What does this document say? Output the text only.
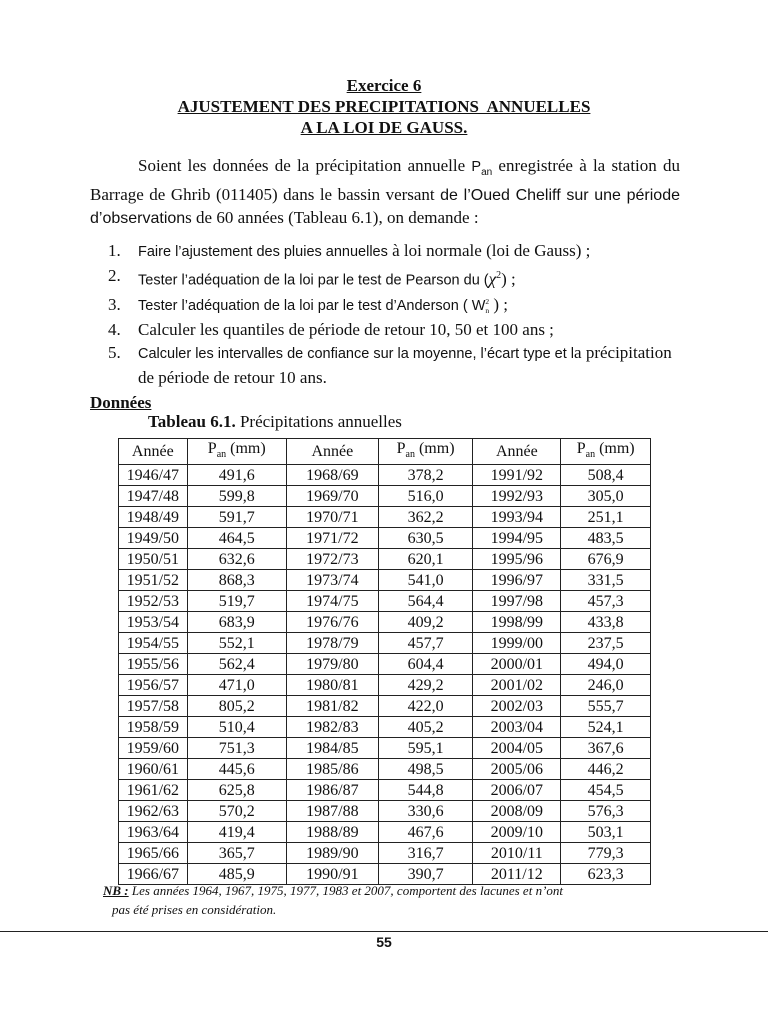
Exercice 6
AJUSTEMENT DES PRECIPITATIONS  ANNUELLES
A LA LOI DE GAUSS.

Soient les données de la précipitation annuelle $P_{an}$ enregistrée à la station du Barrage de Ghrib (011405) dans le bassin versant de l’Oued Cheliff sur une période d’observations de 60 années (Tableau 6.1), on demande :

1.	Faire l’ajustement des pluies annuelles à loi normale (loi de Gauss) ;
2.	Tester l’adéquation de la loi par le test de Pearson du $(\chi^2)$ ;
3.	Tester l’adéquation de la loi par le test d’Anderson ( W 2
n ) ;
4.	Calculer les quantiles de période de retour 10, 50 et 100 ans ;
5.	Calculer les intervalles de confiance sur la moyenne, l’écart type et la précipitation de période de retour 10 ans.
Données
Tableau 6.1. Précipitations annuelles
Année	$P_{an}$ (mm)	Année	$P_{an}$ (mm)	Année	$P_{an}$ (mm)
1946/47	491,6	1968/69	378,2	1991/92	508,4
1947/48	599,8	1969/70	516,0	1992/93	305,0
1948/49	591,7	1970/71	362,2	1993/94	251,1
1949/50	464,5	1971/72	630,5	1994/95	483,5
1950/51	632,6	1972/73	620,1	1995/96	676,9
1951/52	868,3	1973/74	541,0	1996/97	331,5
1952/53	519,7	1974/75	564,4	1997/98	457,3
1953/54	683,9	1976/76	409,2	1998/99	433,8
1954/55	552,1	1978/79	457,7	1999/00	237,5
1955/56	562,4	1979/80	604,4	2000/01	494,0
1956/57	471,0	1980/81	429,2	2001/02	246,0
1957/58	805,2	1981/82	422,0	2002/03	555,7
1958/59	510,4	1982/83	405,2	2003/04	524,1
1959/60	751,3	1984/85	595,1	2004/05	367,6
1960/61	445,6	1985/86	498,5	2005/06	446,2
1961/62	625,8	1986/87	544,8	2006/07	454,5
1962/63	570,2	1987/88	330,6	2008/09	576,3
1963/64	419,4	1988/89	467,6	2009/10	503,1
1965/66	365,7	1989/90	316,7	2010/11	779,3
1966/67	485,9	1990/91	390,7	2011/12	623,3
NB : Les années 1964, 1967, 1975, 1977, 1983 et 2007, comportent des lacunes et n’ont
pas été prises en considération.
55
